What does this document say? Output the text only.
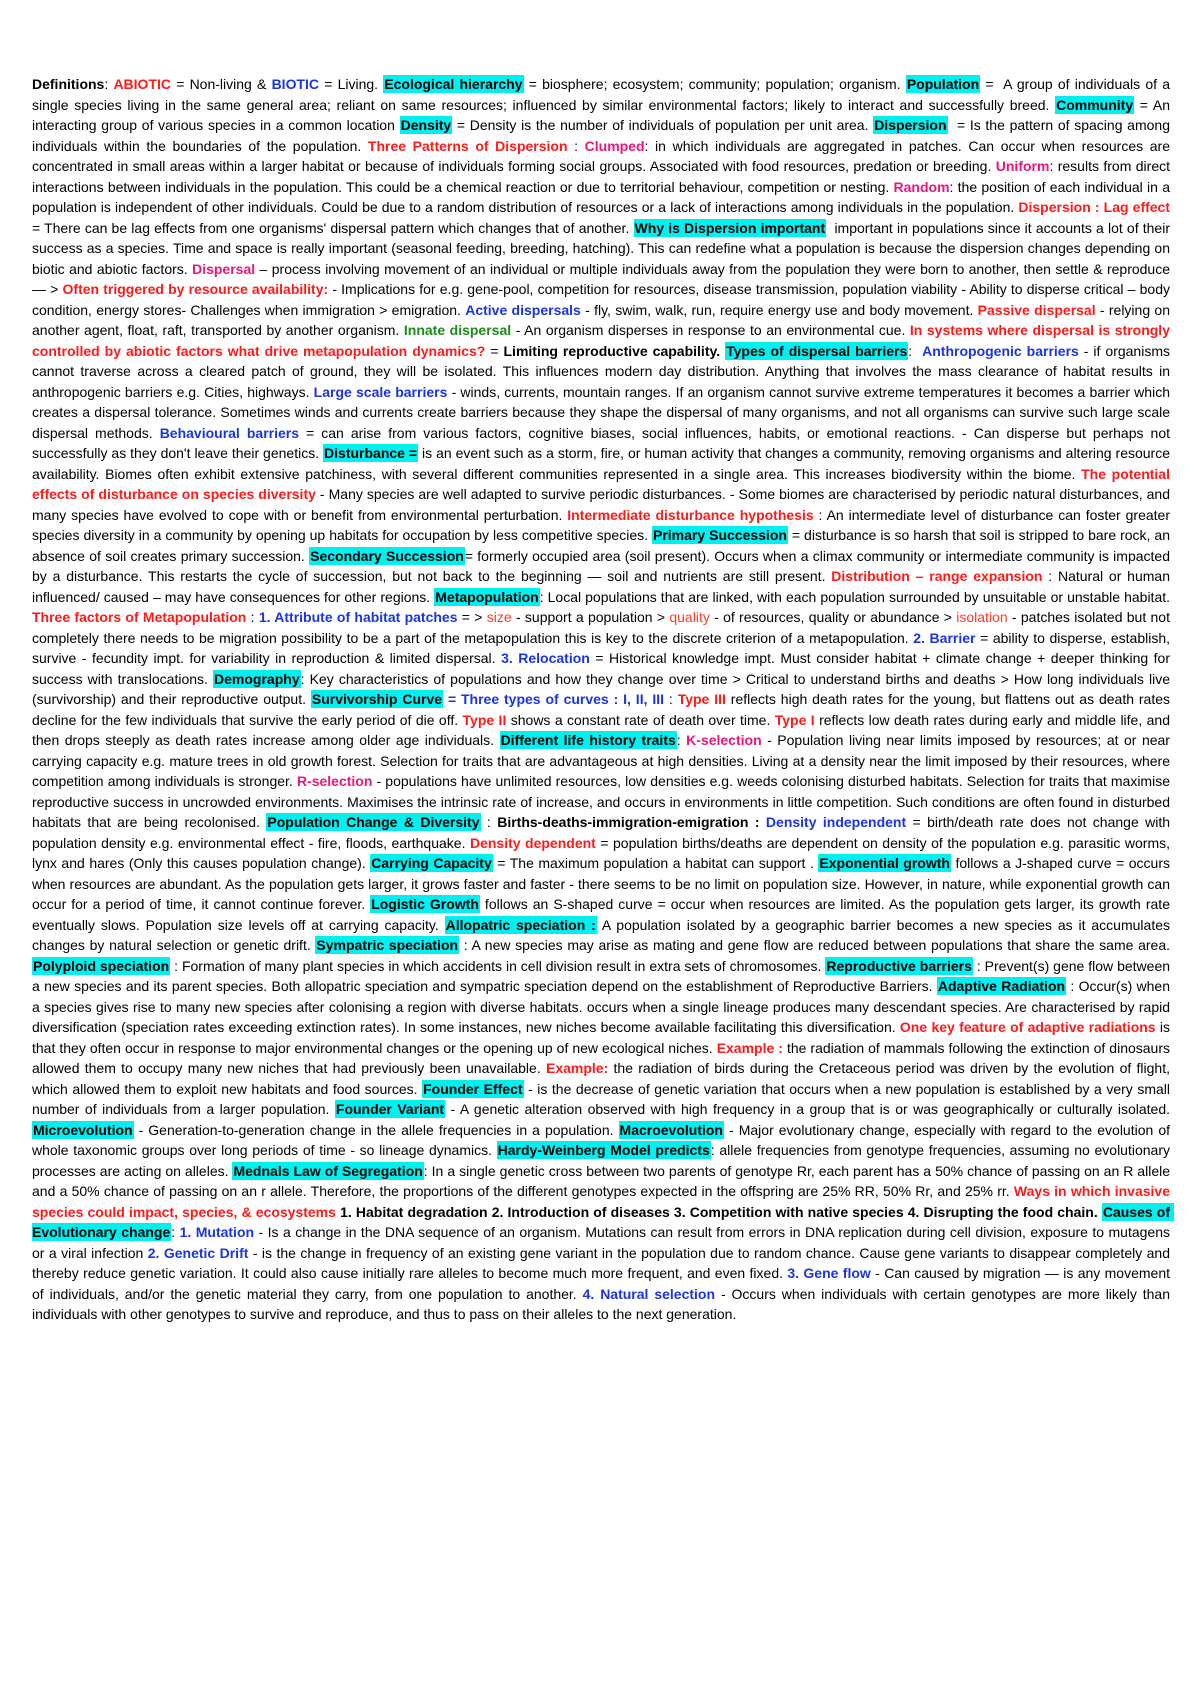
Definitions: ABIOTIC = Non-living & BIOTIC = Living. Ecological hierarchy = biosphere; ecosystem; community; population; organism. Population =  A group of individuals of a single species living in the same general area; reliant on same resources; influenced by similar environmental factors; likely to interact and successfully breed. Community = An interacting group of various species in a common location Density = Density is the number of individuals of population per unit area. Dispersion  = Is the pattern of spacing among individuals within the boundaries of the population. Three Patterns of Dispersion : Clumped: in which individuals are aggregated in patches. Can occur when resources are concentrated in small areas within a larger habitat or because of individuals forming social groups. Associated with food resources, predation or breeding. Uniform: results from direct interactions between individuals in the population. This could be a chemical reaction or due to territorial behaviour, competition or nesting. Random: the position of each individual in a population is independent of other individuals. Could be due to a random distribution of resources or a lack of interactions among individuals in the population. Dispersion : Lag effect = There can be lag effects from one organisms' dispersal pattern which changes that of another. Why is Dispersion important  important in populations since it accounts a lot of their success as a species. Time and space is really important (seasonal feeding, breeding, hatching). This can redefine what a population is because the dispersion changes depending on biotic and abiotic factors. Dispersal – process involving movement of an individual or multiple individuals away from the population they were born to another, then settle & reproduce — > Often triggered by resource availability: - Implications for e.g. gene-pool, competition for resources, disease transmission, population viability - Ability to disperse critical – body condition, energy stores- Challenges when immigration > emigration. Active dispersals - fly, swim, walk, run, require energy use and body movement. Passive dispersal - relying on another agent, float, raft, transported by another organism. Innate dispersal - An organism disperses in response to an environmental cue. In systems where dispersal is strongly controlled by abiotic factors what drive metapopulation dynamics? = Limiting reproductive capability. Types of dispersal barriers:  Anthropogenic barriers - if organisms cannot traverse across a cleared patch of ground, they will be isolated. This influences modern day distribution. Anything that involves the mass clearance of habitat results in anthropogenic barriers e.g. Cities, highways. Large scale barriers - winds, currents, mountain ranges. If an organism cannot survive extreme temperatures it becomes a barrier which creates a dispersal tolerance. Sometimes winds and currents create barriers because they shape the dispersal of many organisms, and not all organisms can survive such large scale dispersal methods. Behavioural barriers = can arise from various factors, cognitive biases, social influences, habits, or emotional reactions. - Can disperse but perhaps not successfully as they don't leave their genetics. Disturbance = is an event such as a storm, fire, or human activity that changes a community, removing organisms and altering resource availability. Biomes often exhibit extensive patchiness, with several different communities represented in a single area. This increases biodiversity within the biome. The potential effects of disturbance on species diversity - Many species are well adapted to survive periodic disturbances. - Some biomes are characterised by periodic natural disturbances, and many species have evolved to cope with or benefit from environmental perturbation. Intermediate disturbance hypothesis : An intermediate level of disturbance can foster greater species diversity in a community by opening up habitats for occupation by less competitive species. Primary Succession = disturbance is so harsh that soil is stripped to bare rock, an absence of soil creates primary succession. Secondary Succession= formerly occupied area (soil present). Occurs when a climax community or intermediate community is impacted by a disturbance. This restarts the cycle of succession, but not back to the beginning — soil and nutrients are still present. Distribution – range expansion : Natural or human influenced/ caused – may have consequences for other regions. Metapopulation: Local populations that are linked, with each population surrounded by unsuitable or unstable habitat. Three factors of Metapopulation : 1. Attribute of habitat patches = > size - support a population > quality - of resources, quality or abundance > isolation - patches isolated but not completely there needs to be migration possibility to be a part of the metapopulation this is key to the discrete criterion of a metapopulation. 2. Barrier = ability to disperse, establish, survive - fecundity impt. for variability in reproduction & limited dispersal. 3. Relocation = Historical knowledge impt. Must consider habitat + climate change + deeper thinking for success with translocations. Demography: Key characteristics of populations and how they change over time > Critical to understand births and deaths > How long individuals live (survivorship) and their reproductive output. Survivorship Curve = Three types of curves : I, II, III : Type III reflects high death rates for the young, but flattens out as death rates decline for the few individuals that survive the early period of die off. Type II shows a constant rate of death over time. Type I reflects low death rates during early and middle life, and then drops steeply as death rates increase among older age individuals. Different life history traits: K-selection - Population living near limits imposed by resources; at or near carrying capacity e.g. mature trees in old growth forest. Selection for traits that are advantageous at high densities. Living at a density near the limit imposed by their resources, where competition among individuals is stronger. R-selection - populations have unlimited resources, low densities e.g. weeds colonising disturbed habitats. Selection for traits that maximise reproductive success in uncrowded environments. Maximises the intrinsic rate of increase, and occurs in environments in little competition. Such conditions are often found in disturbed habitats that are being recolonised. Population Change & Diversity : Births-deaths-immigration-emigration : Density independent = birth/death rate does not change with population density e.g. environmental effect - fire, floods, earthquake. Density dependent = population births/deaths are dependent on density of the population e.g. parasitic worms, lynx and hares (Only this causes population change). Carrying Capacity = The maximum population a habitat can support . Exponential growth follows a J-shaped curve = occurs when resources are abundant. As the population gets larger, it grows faster and faster - there seems to be no limit on population size. However, in nature, while exponential growth can occur for a period of time, it cannot continue forever. Logistic Growth follows an S-shaped curve = occur when resources are limited. As the population gets larger, its growth rate eventually slows. Population size levels off at carrying capacity. Allopatric speciation : A population isolated by a geographic barrier becomes a new species as it accumulates changes by natural selection or genetic drift. Sympatric speciation : A new species may arise as mating and gene flow are reduced between populations that share the same area. Polyploid speciation : Formation of many plant species in which accidents in cell division result in extra sets of chromosomes. Reproductive barriers : Prevent(s) gene flow between a new species and its parent species. Both allopatric speciation and sympatric speciation depend on the establishment of Reproductive Barriers. Adaptive Radiation : Occur(s) when a species gives rise to many new species after colonising a region with diverse habitats. occurs when a single lineage produces many descendant species. Are characterised by rapid diversification (speciation rates exceeding extinction rates). In some instances, new niches become available facilitating this diversification. One key feature of adaptive radiations is that they often occur in response to major environmental changes or the opening up of new ecological niches. Example : the radiation of mammals following the extinction of dinosaurs allowed them to occupy many new niches that had previously been unavailable. Example: the radiation of birds during the Cretaceous period was driven by the evolution of flight, which allowed them to exploit new habitats and food sources. Founder Effect - is the decrease of genetic variation that occurs when a new population is established by a very small number of individuals from a larger population. Founder Variant - A genetic alteration observed with high frequency in a group that is or was geographically or culturally isolated. Microevolution - Generation-to-generation change in the allele frequencies in a population. Macroevolution - Major evolutionary change, especially with regard to the evolution of whole taxonomic groups over long periods of time - so lineage dynamics. Hardy-Weinberg Model predicts: allele frequencies from genotype frequencies, assuming no evolutionary processes are acting on alleles. Mednals Law of Segregation: In a single genetic cross between two parents of genotype Rr, each parent has a 50% chance of passing on an R allele and a 50% chance of passing on an r allele. Therefore, the proportions of the different genotypes expected in the offspring are 25% RR, 50% Rr, and 25% rr. Ways in which invasive species could impact, species, & ecosystems 1. Habitat degradation 2. Introduction of diseases 3. Competition with native species 4. Disrupting the food chain. Causes of Evolutionary change: 1. Mutation - Is a change in the DNA sequence of an organism. Mutations can result from errors in DNA replication during cell division, exposure to mutagens or a viral infection 2. Genetic Drift - is the change in frequency of an existing gene variant in the population due to random chance. Cause gene variants to disappear completely and thereby reduce genetic variation. It could also cause initially rare alleles to become much more frequent, and even fixed. 3. Gene flow - Can caused by migration — is any movement of individuals, and/or the genetic material they carry, from one population to another. 4. Natural selection - Occurs when individuals with certain genotypes are more likely than individuals with other genotypes to survive and reproduce, and thus to pass on their alleles to the next generation.
